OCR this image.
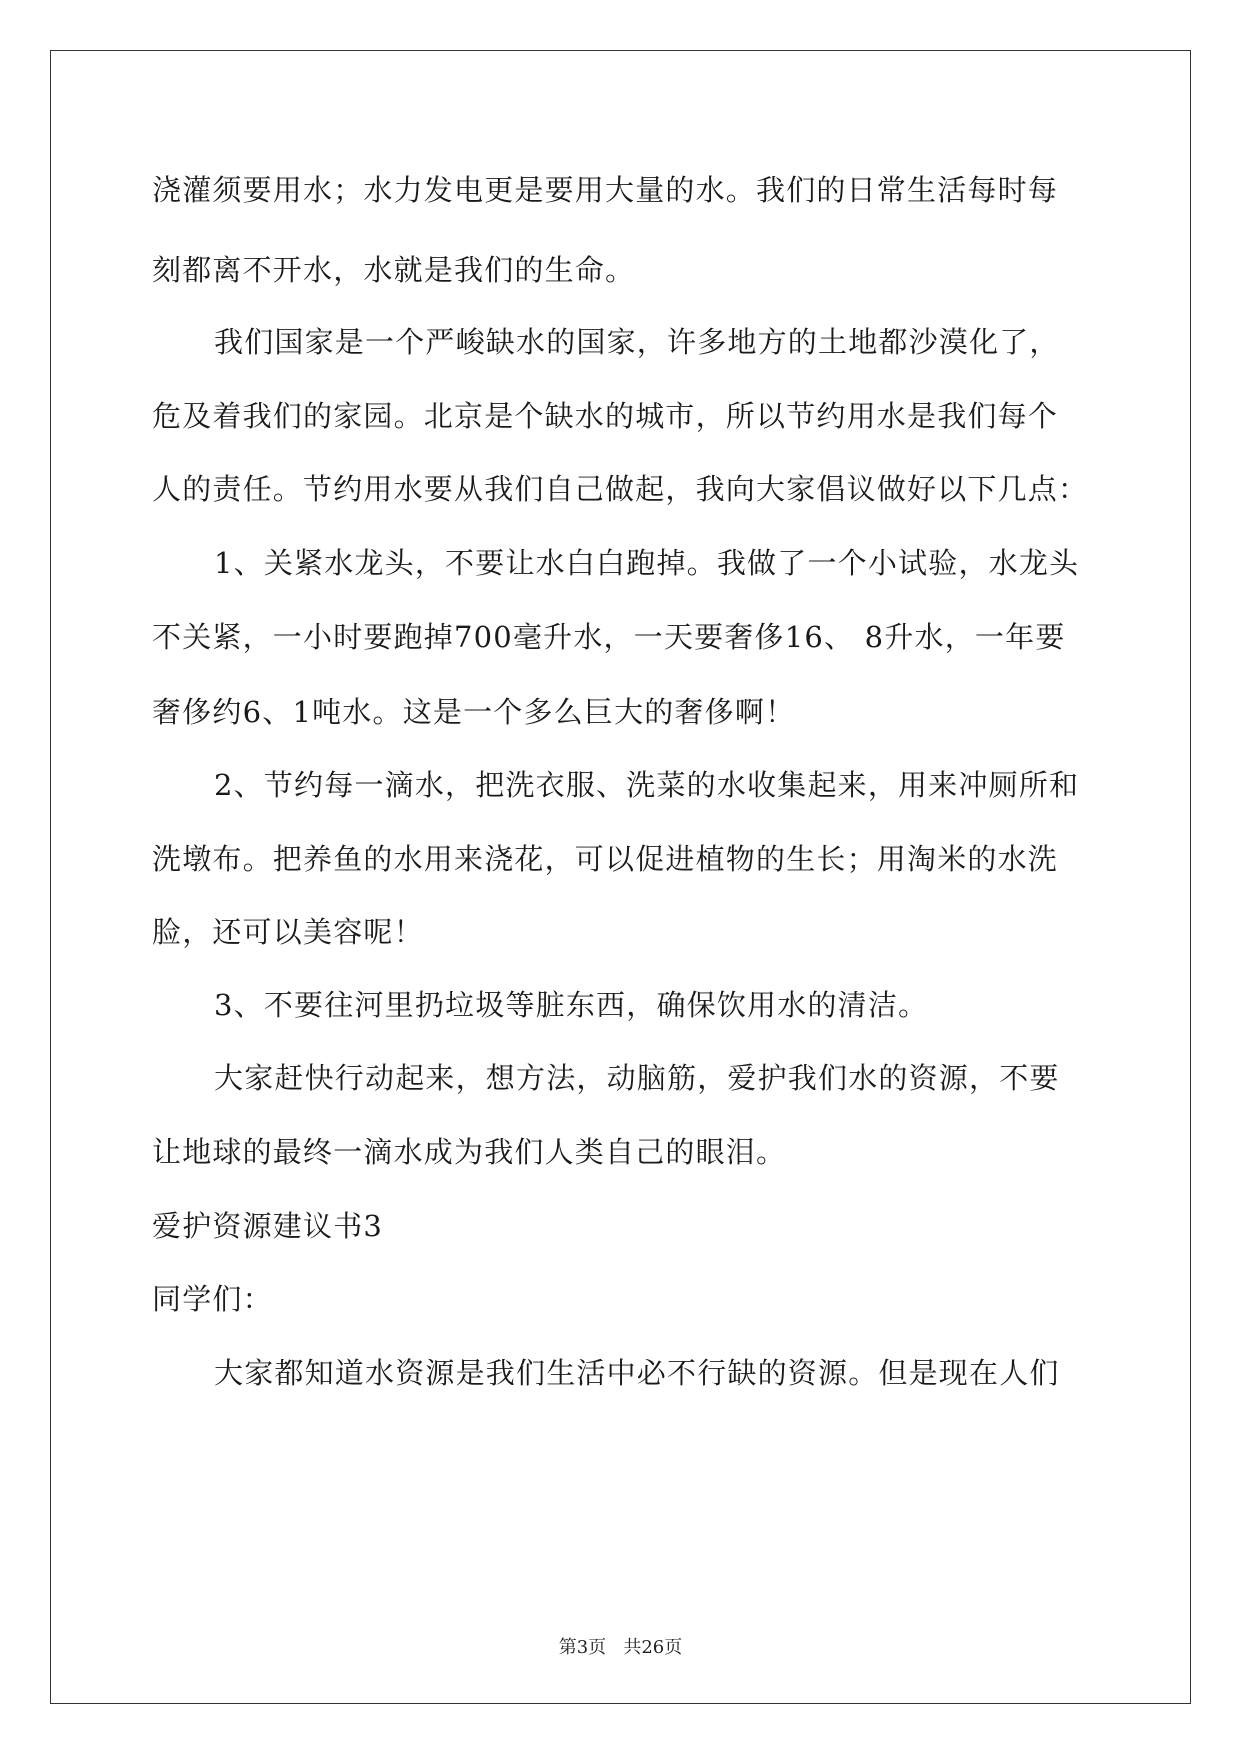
浇灌须要用水；水力发电更是要用大量的水。我们的日常生活每时每
刻都离不开水，水就是我们的生命。
我们国家是一个严峻缺水的国家，许多地方的土地都沙漠化了，
危及着我们的家园。北京是个缺水的城市，所以节约用水是我们每个
人的责任。节约用水要从我们自己做起，我向大家倡议做好以下几点：
1、关紧水龙头，不要让水白白跑掉。我做了一个小试验，水龙头
不关紧，一小时要跑掉700毫升水，一天要奢侈16、 8升水，一年要
奢侈约6、1吨水。这是一个多么巨大的奢侈啊！
2、节约每一滴水，把洗衣服、洗菜的水收集起来，用来冲厕所和
洗墩布。把养鱼的水用来浇花，可以促进植物的生长；用淘米的水洗
脸，还可以美容呢！
3、不要往河里扔垃圾等脏东西，确保饮用水的清洁。
大家赶快行动起来，想方法，动脑筋，爱护我们水的资源，不要
让地球的最终一滴水成为我们人类自己的眼泪。
爱护资源建议书3
同学们：
大家都知道水资源是我们生活中必不行缺的资源。但是现在人们
第3页   共26页
